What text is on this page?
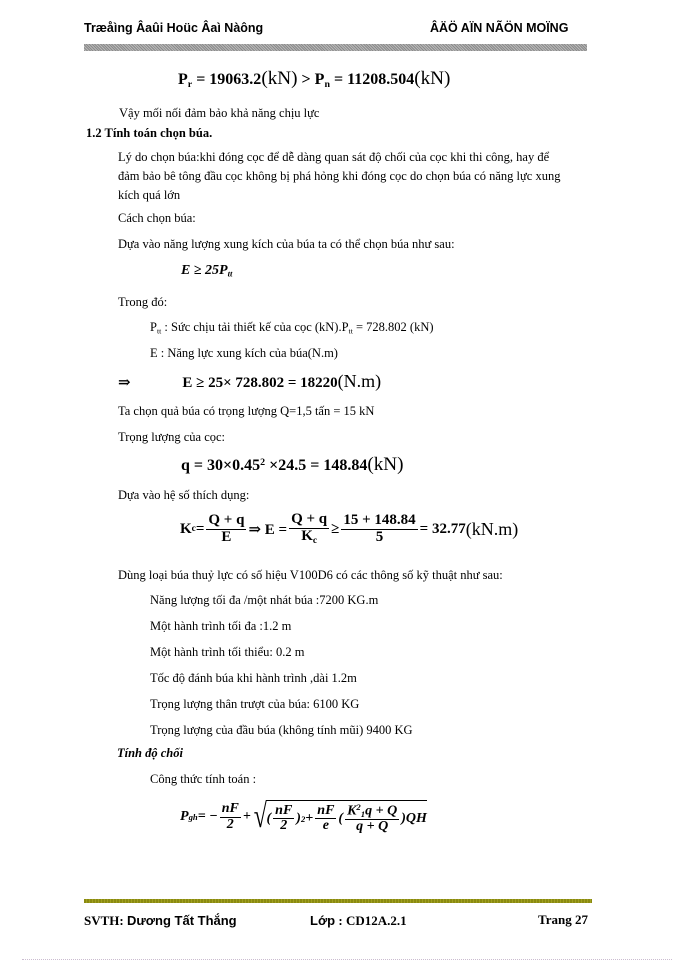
Træåìng Âaûi Hoüc Âaì Nàông	ÂÄÖ AÏN NÃÖN MOÏNG
$P_r = 19063.2(kN) > P_n = 11208.504(kN)$
Vậy mối nối đảm bảo khả năng chịu lực
1.2 Tính toán chọn búa.
Lý do chọn búa:khi đóng cọc để dễ dàng quan sát độ chối của cọc khi thi công, hay để
đảm bảo bê tông đầu cọc không bị phá hỏng khi đóng cọc do chọn búa có năng lực xung
kích quá lớn
Cách chọn búa:
Dựa vào năng lượng xung kích của búa ta có thể chọn búa như sau:
$E \ge 25P_{tt}$
Trong đó:
$P_{tt}$ : Sức chịu tải thiết kế của cọc $(kN).P_{tt} = 728.802$ (kN)
E : Năng lực xung kích của búa(N.m)
⇒	E ≥ 25× 728.802 = 18220(N.m)
Ta chọn quả búa có trọng lượng Q=1,5 tấn = 15 kN
Trọng lượng của cọc:
$q = 30\times 0.45^2 \times 24.5 = 148.84(kN)$
Dựa vào hệ số thích dụng:
K $c = \frac{Q + q}{E}$ ⇒ $E = \frac{Q + q}{K_c} \ge \frac{15 + 148.84}{5} = 32.77$ (kN.m)
Dùng loại búa thuỷ lực có số hiệu V100D6 có các thông số kỹ thuật như sau:
Năng lượng tối đa /một nhát búa :7200 KG.m
Một hành trình tối đa :1.2 m
Một hành trình tối thiểu: 0.2 m
Tốc độ đánh búa khi hành trình ,dài 1.2m
Trọng lượng thân trượt của búa: 6100 KG
Trọng lượng của đầu búa (không tính mũi) 9400 KG
Tính độ chối
Công thức tính toán :
P gh = − $\frac{nF}{2}$ + √ ( $\frac{nF}{2}$ ) $2 + \frac{nF}{e}$ ( $\frac{K^2_1q + Q}{q + Q} )QH$
SVTH: Dương Tất Thắng	Lớp : CD12A.2.1	Trang 27
